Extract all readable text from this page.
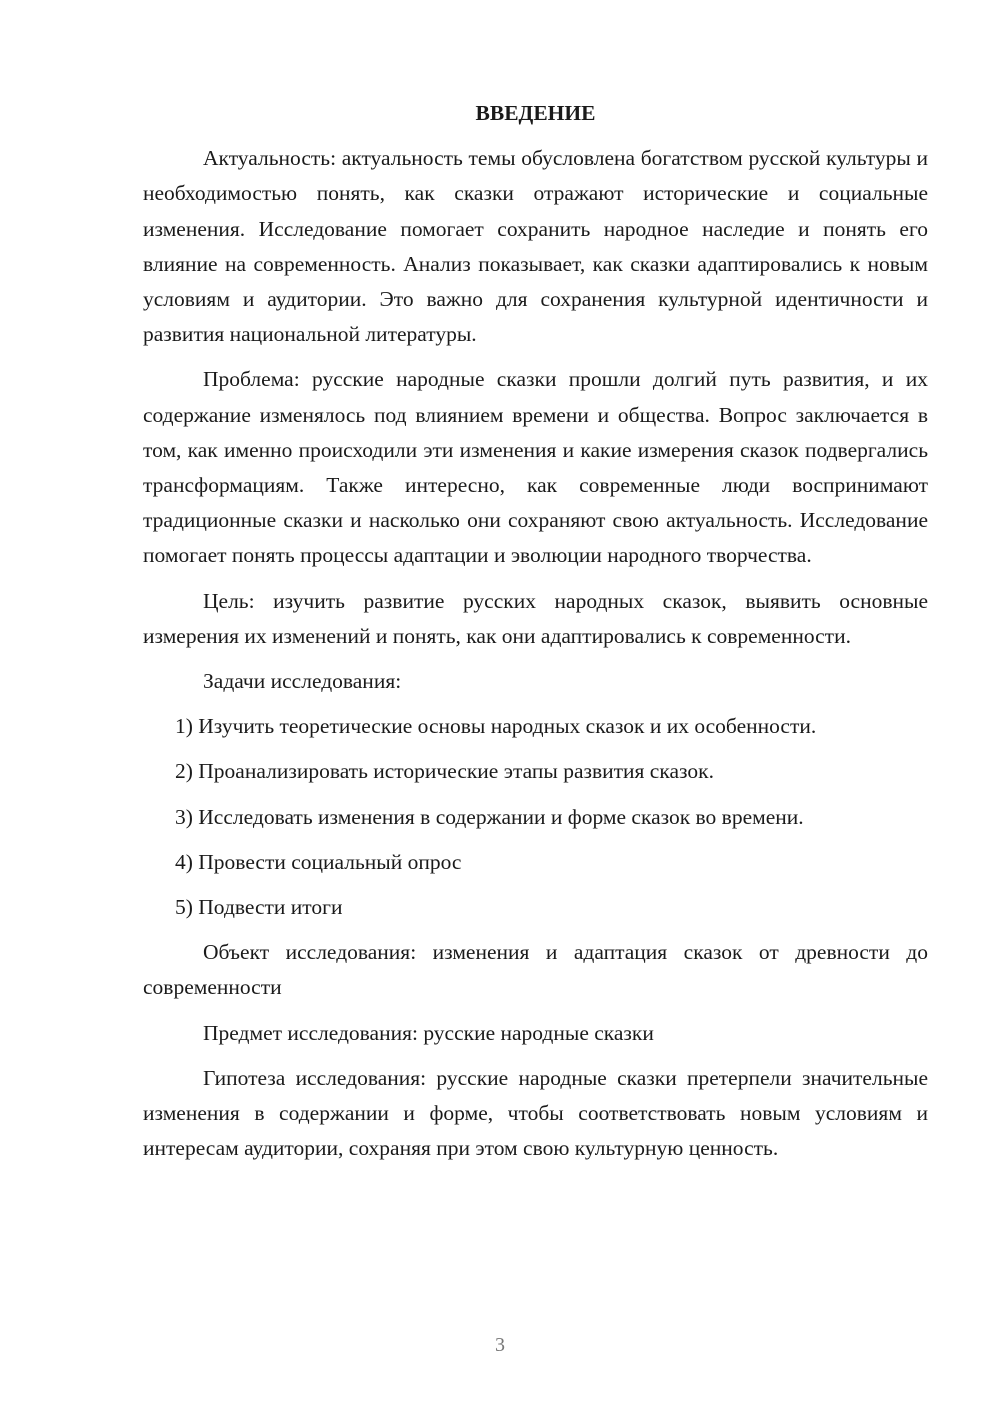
ВВЕДЕНИЕ

Актуальность: актуальность темы обусловлена богатством русской культуры и необходимостью понять, как сказки отражают исторические и социальные изменения. Исследование помогает сохранить народное наследие и понять его влияние на современность. Анализ показывает, как сказки адаптировались к новым условиям и аудитории. Это важно для сохранения культурной идентичности и развития национальной литературы.

Проблема: русские народные сказки прошли долгий путь развития, и их содержание изменялось под влиянием времени и общества. Вопрос заключается в том, как именно происходили эти изменения и какие измерения сказок подвергались трансформациям. Также интересно, как современные люди воспринимают традиционные сказки и насколько они сохраняют свою актуальность. Исследование помогает понять процессы адаптации и эволюции народного творчества.

Цель: изучить развитие русских народных сказок, выявить основные измерения их изменений и понять, как они адаптировались к современности.

Задачи исследования:

1) Изучить теоретические основы народных сказок и их особенности.
2) Проанализировать исторические этапы развития сказок.
3) Исследовать изменения в содержании и форме сказок во времени.
4) Провести социальный опрос
5) Подвести итоги

Объект исследования: изменения и адаптация сказок от древности до современности

Предмет исследования: русские народные сказки

Гипотеза исследования: русские народные сказки претерпели значительные изменения в содержании и форме, чтобы соответствовать новым условиям и интересам аудитории, сохраняя при этом свою культурную ценность.

3
